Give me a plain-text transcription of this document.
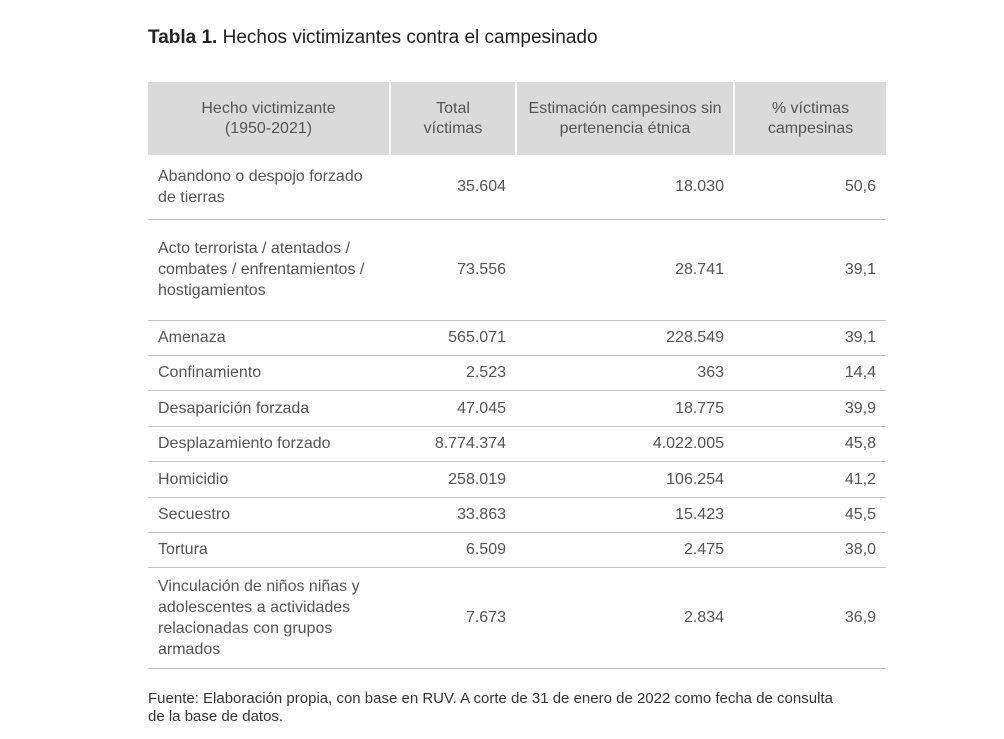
Tabla 1. Hechos victimizantes contra el campesinado
Hecho victimizante (1950-2021)	Total víctimas	Estimación campesinos sin pertenencia étnica	% víctimas campesinas
Abandono o despojo forzado de tierras	35.604	18.030	50,6
Acto terrorista / atentados / combates / enfrentamientos / hostigamientos	73.556	28.741	39,1
Amenaza	565.071	228.549	39,1
Confinamiento	2.523	363	14,4
Desaparición forzada	47.045	18.775	39,9
Desplazamiento forzado	8.774.374	4.022.005	45,8
Homicidio	258.019	106.254	41,2
Secuestro	33.863	15.423	45,5
Tortura	6.509	2.475	38,0
Vinculación de niños niñas y adolescentes a actividades relacionadas con grupos armados	7.673	2.834	36,9
Fuente: Elaboración propia, con base en RUV. A corte de 31 de enero de 2022 como fecha de consulta de la base de datos.
